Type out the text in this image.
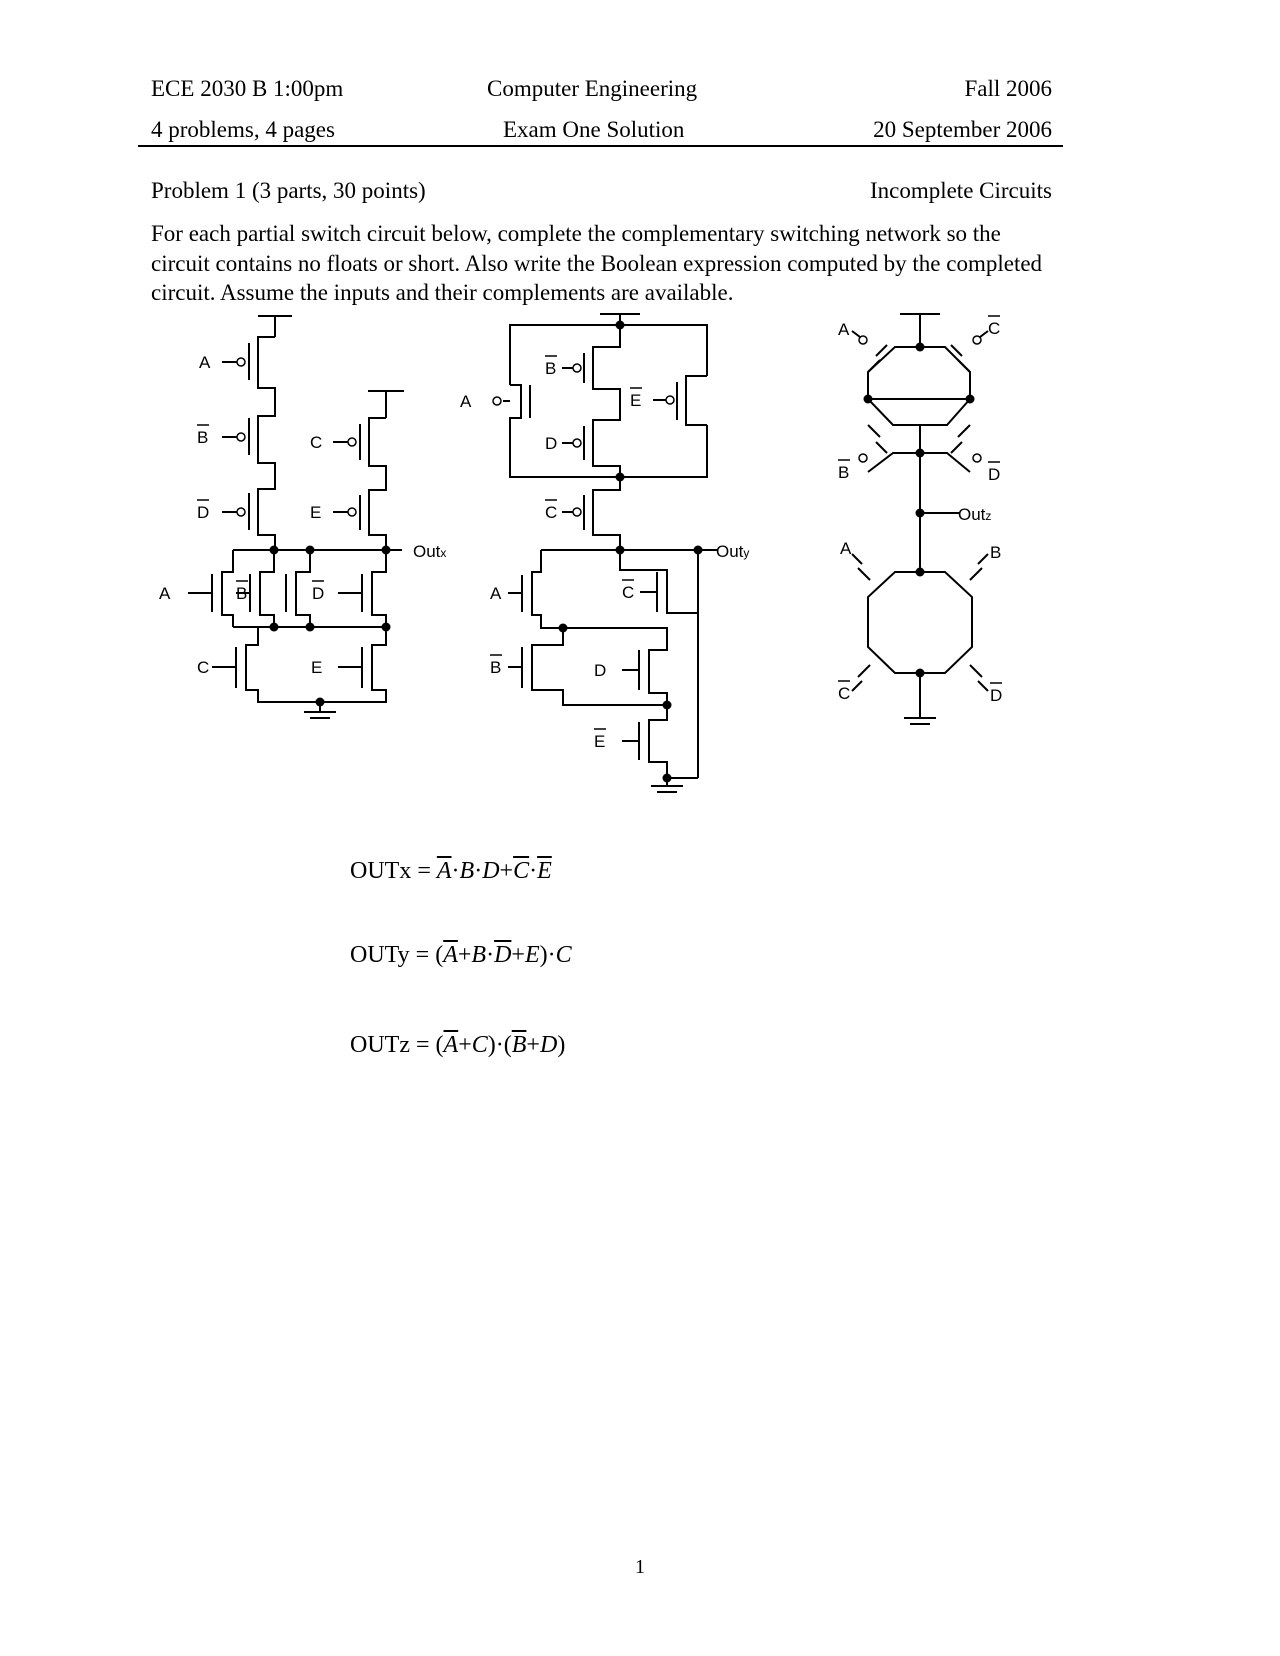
ECE 2030 B 1:00pm	Computer Engineering	Fall 2006
4 problems, 4 pages	Exam One Solution	20 September 2006
Problem 1 (3 parts, 30 points)	Incomplete Circuits
For each partial switch circuit below, complete the complementary switching network so the
circuit contains no floats or short. Also write the Boolean expression computed by the completed
circuit. Assume the inputs and their complements are available.
A
B
D
C
E
Outx
A	B	D
C	E
A
B
D
E
C
Outy
A	C
B	D
E
A	C
B	D
Outz
A	B
C	D
OUTx = $\overline{A}\cdot B\cdot D+\overline{C}\cdot\overline{E}$
OUTy = $(\overline{A}+B\cdot\overline{D}+E)\cdot C$
OUTz = $(\overline{A}+C)\cdot(\overline{B}+D)$
1
